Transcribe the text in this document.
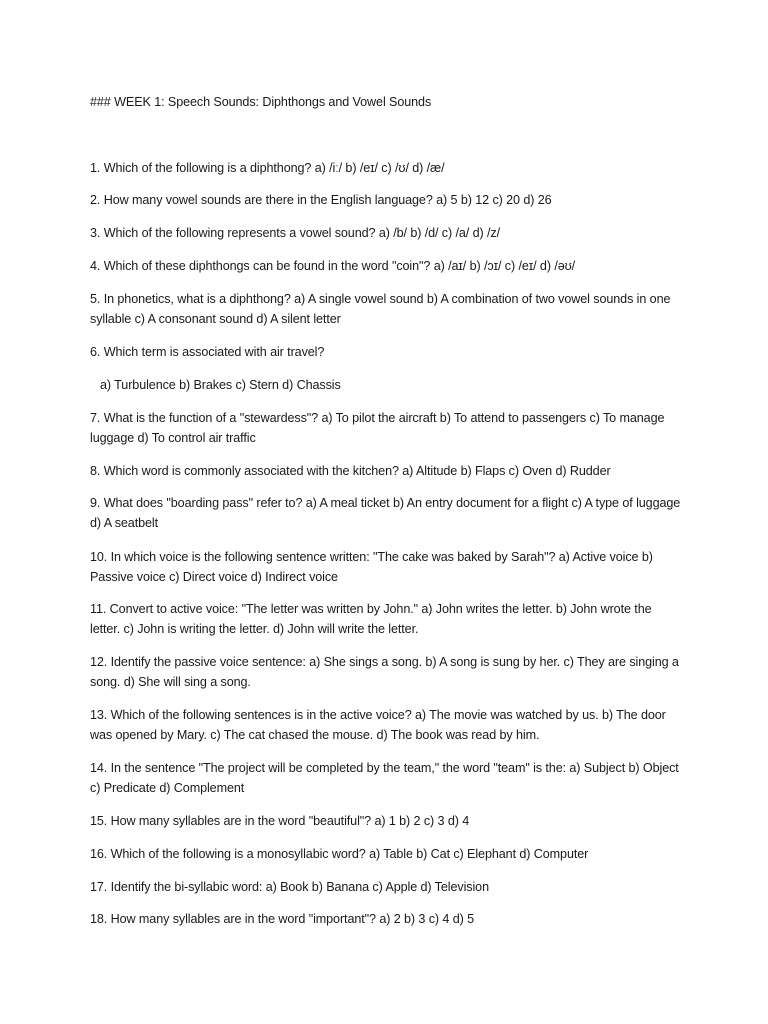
### WEEK 1: Speech Sounds: Diphthongs and Vowel Sounds
1. Which of the following is a diphthong? a) /iː/ b) /eɪ/ c) /ʊ/ d) /æ/
2. How many vowel sounds are there in the English language? a) 5 b) 12 c) 20 d) 26
3. Which of the following represents a vowel sound? a) /b/ b) /d/ c) /a/ d) /z/
4. Which of these diphthongs can be found in the word "coin"? a) /aɪ/ b) /ɔɪ/ c) /eɪ/ d) /əʊ/
5. In phonetics, what is a diphthong? a) A single vowel sound b) A combination of two vowel sounds in one syllable c) A consonant sound d) A silent letter
6. Which term is associated with air travel?
a) Turbulence b) Brakes c) Stern d) Chassis
7. What is the function of a "stewardess"? a) To pilot the aircraft b) To attend to passengers c) To manage luggage d) To control air traffic
8. Which word is commonly associated with the kitchen? a) Altitude b) Flaps c) Oven d) Rudder
9. What does "boarding pass" refer to? a) A meal ticket b) An entry document for a flight c) A type of luggage d) A seatbelt
10. In which voice is the following sentence written: "The cake was baked by Sarah"? a) Active voice b) Passive voice c) Direct voice d) Indirect voice
11. Convert to active voice: "The letter was written by John." a) John writes the letter. b) John wrote the letter. c) John is writing the letter. d) John will write the letter.
12. Identify the passive voice sentence: a) She sings a song. b) A song is sung by her. c) They are singing a song. d) She will sing a song.
13. Which of the following sentences is in the active voice? a) The movie was watched by us. b) The door was opened by Mary. c) The cat chased the mouse. d) The book was read by him.
14. In the sentence "The project will be completed by the team," the word "team" is the: a) Subject b) Object c) Predicate d) Complement
15. How many syllables are in the word "beautiful"? a) 1 b) 2 c) 3 d) 4
16. Which of the following is a monosyllabic word? a) Table b) Cat c) Elephant d) Computer
17. Identify the bi-syllabic word: a) Book b) Banana c) Apple d) Television
18. How many syllables are in the word "important"? a) 2 b) 3 c) 4 d) 5
